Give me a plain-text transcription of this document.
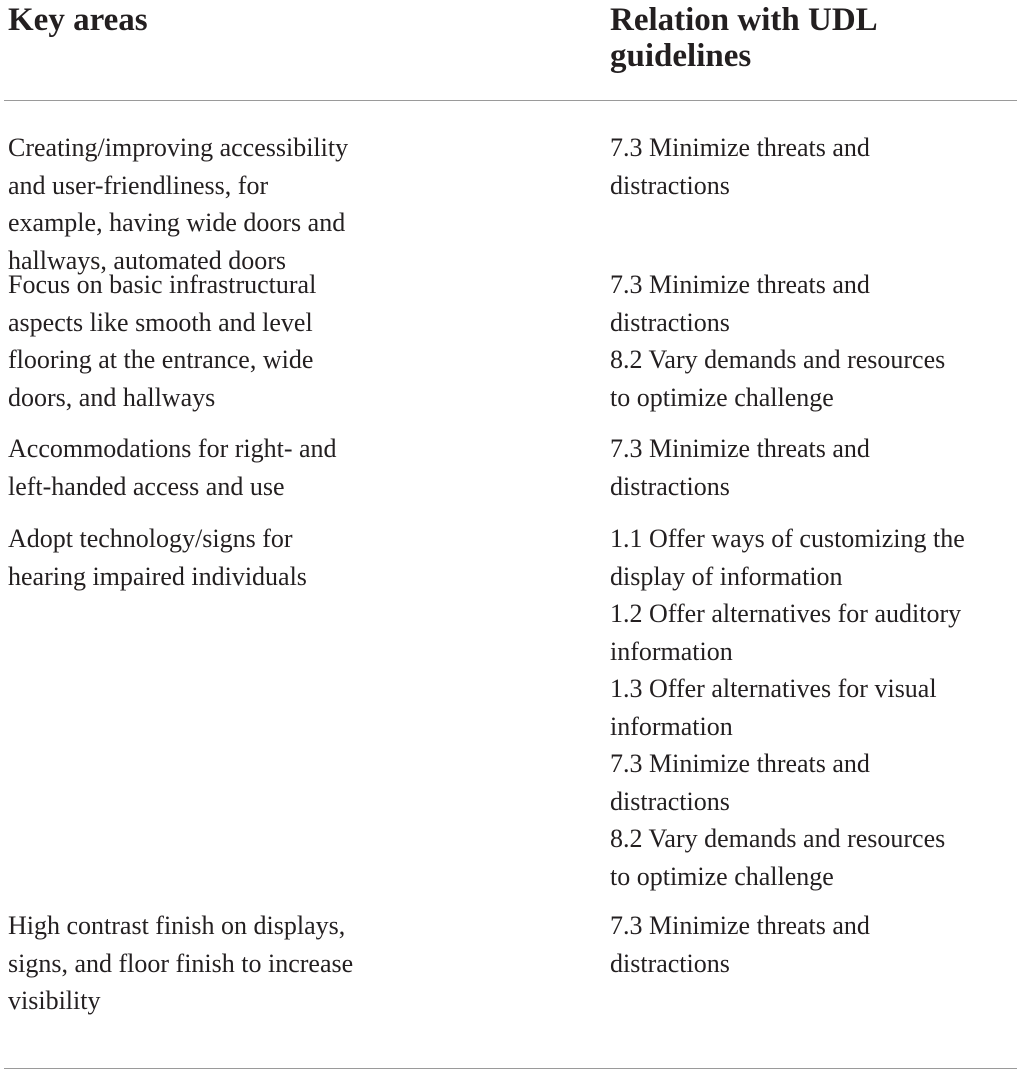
Key areas	Relation with UDL
guidelines
Creating/improving accessibility
and user-friendliness, for
example, having wide doors and
hallways, automated doors
7.3 Minimize threats and
distractions
Focus on basic infrastructural
aspects like smooth and level
flooring at the entrance, wide
doors, and hallways
7.3 Minimize threats and
distractions
8.2 Vary demands and resources
to optimize challenge
Accommodations for right- and
left-handed access and use
7.3 Minimize threats and
distractions
Adopt technology/signs for
hearing impaired individuals
1.1 Offer ways of customizing the
display of information
1.2 Offer alternatives for auditory
information
1.3 Offer alternatives for visual
information
7.3 Minimize threats and
distractions
8.2 Vary demands and resources
to optimize challenge
High contrast finish on displays,
signs, and floor finish to increase
visibility
7.3 Minimize threats and
distractions
